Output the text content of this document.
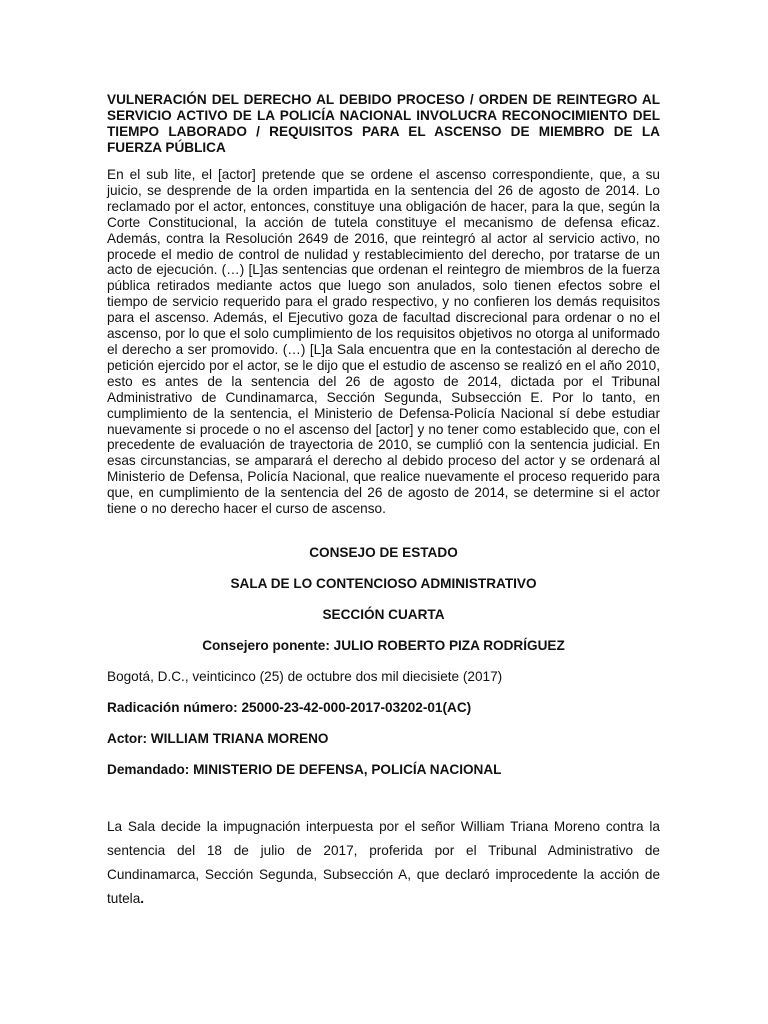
VULNERACIÓN DEL DERECHO AL DEBIDO PROCESO / ORDEN DE REINTEGRO AL SERVICIO ACTIVO DE LA POLICÍA NACIONAL INVOLUCRA RECONOCIMIENTO DEL TIEMPO LABORADO / REQUISITOS PARA EL ASCENSO DE MIEMBRO DE LA FUERZA PÚBLICA

En el sub lite, el [actor] pretende que se ordene el ascenso correspondiente, que, a su juicio, se desprende de la orden impartida en la sentencia del 26 de agosto de 2014. Lo reclamado por el actor, entonces, constituye una obligación de hacer, para la que, según la Corte Constitucional, la acción de tutela constituye el mecanismo de defensa eficaz. Además, contra la Resolución 2649 de 2016, que reintegró al actor al servicio activo, no procede el medio de control de nulidad y restablecimiento del derecho, por tratarse de un acto de ejecución. (…) [L]as sentencias que ordenan el reintegro de miembros de la fuerza pública retirados mediante actos que luego son anulados, solo tienen efectos sobre el tiempo de servicio requerido para el grado respectivo, y no confieren los demás requisitos para el ascenso. Además, el Ejecutivo goza de facultad discrecional para ordenar o no el ascenso, por lo que el solo cumplimiento de los requisitos objetivos no otorga al uniformado el derecho a ser promovido. (…) [L]a Sala encuentra que en la contestación al derecho de petición ejercido por el actor, se le dijo que el estudio de ascenso se realizó en el año 2010, esto es antes de la sentencia del 26 de agosto de 2014, dictada por el Tribunal Administrativo de Cundinamarca, Sección Segunda, Subsección E. Por lo tanto, en cumplimiento de la sentencia, el Ministerio de Defensa-Policía Nacional sí debe estudiar nuevamente si procede o no el ascenso del [actor] y no tener como establecido que, con el precedente de evaluación de trayectoria de 2010, se cumplió con la sentencia judicial. En esas circunstancias, se amparará el derecho al debido proceso del actor y se ordenará al Ministerio de Defensa, Policía Nacional, que realice nuevamente el proceso requerido para que, en cumplimiento de la sentencia del 26 de agosto de 2014, se determine si el actor tiene o no derecho hacer el curso de ascenso.

CONSEJO DE ESTADO

SALA DE LO CONTENCIOSO ADMINISTRATIVO

SECCIÓN CUARTA

Consejero ponente: JULIO ROBERTO PIZA RODRÍGUEZ

Bogotá, D.C., veinticinco (25) de octubre dos mil diecisiete (2017)

Radicación número: 25000-23-42-000-2017-03202-01(AC)

Actor: WILLIAM TRIANA MORENO

Demandado: MINISTERIO DE DEFENSA, POLICÍA NACIONAL

La Sala decide la impugnación interpuesta por el señor William Triana Moreno contra la sentencia del 18 de julio de 2017, proferida por el Tribunal Administrativo de Cundinamarca, Sección Segunda, Subsección A, que declaró improcedente la acción de tutela.
